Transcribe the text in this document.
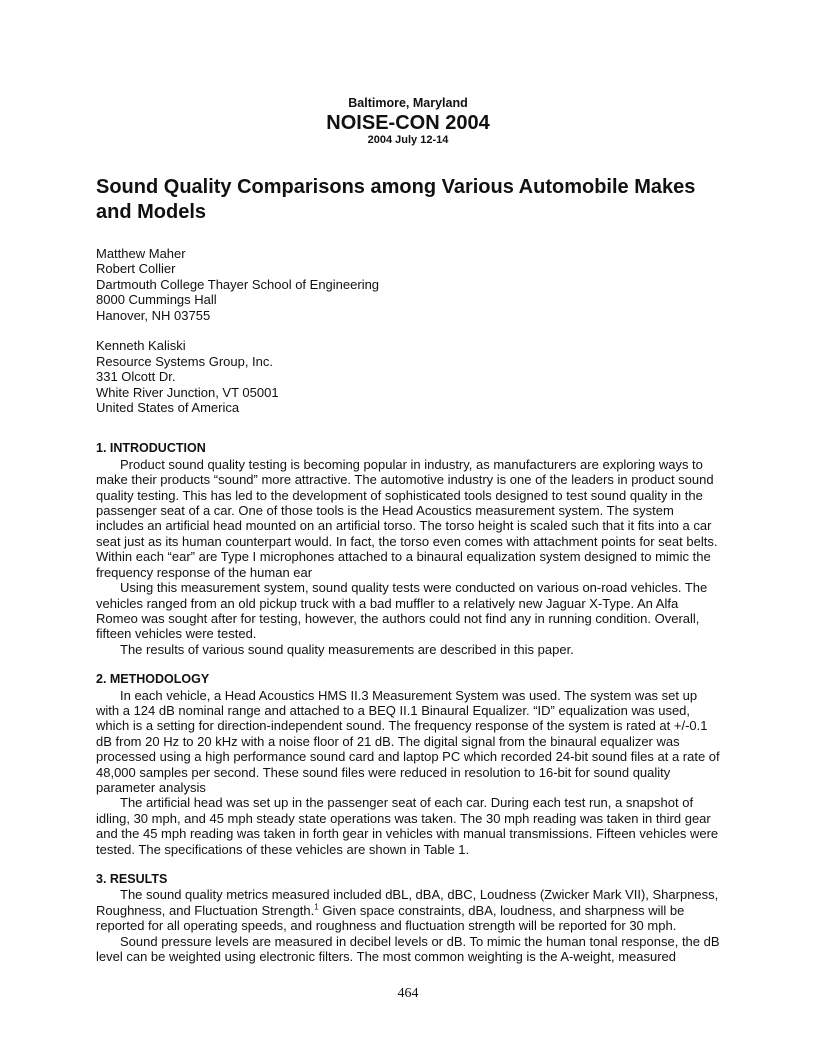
Baltimore, Maryland
NOISE-CON 2004
2004 July 12-14
Sound Quality Comparisons among Various Automobile Makes and Models
Matthew Maher
Robert Collier
Dartmouth College Thayer School of Engineering
8000 Cummings Hall
Hanover, NH 03755
Kenneth Kaliski
Resource Systems Group, Inc.
331 Olcott Dr.
White River Junction, VT 05001
United States of America
1. INTRODUCTION

Product sound quality testing is becoming popular in industry, as manufacturers are exploring ways to make their products “sound” more attractive. The automotive industry is one of the leaders in product sound quality testing. This has led to the development of sophisticated tools designed to test sound quality in the passenger seat of a car. One of those tools is the Head Acoustics measurement system. The system includes an artificial head mounted on an artificial torso. The torso height is scaled such that it fits into a car seat just as its human counterpart would. In fact, the torso even comes with attachment points for seat belts. Within each “ear” are Type I microphones attached to a binaural equalization system designed to mimic the frequency response of the human ear

Using this measurement system, sound quality tests were conducted on various on-road vehicles. The vehicles ranged from an old pickup truck with a bad muffler to a relatively new Jaguar X-Type. An Alfa Romeo was sought after for testing, however, the authors could not find any in running condition. Overall, fifteen vehicles were tested.

The results of various sound quality measurements are described in this paper.

2. METHODOLOGY

In each vehicle, a Head Acoustics HMS II.3 Measurement System was used. The system was set up with a 124 dB nominal range and attached to a BEQ II.1 Binaural Equalizer. “ID” equalization was used, which is a setting for direction-independent sound. The frequency response of the system is rated at +/-0.1 dB from 20 Hz to 20 kHz with a noise floor of 21 dB. The digital signal from the binaural equalizer was processed using a high performance sound card and laptop PC which recorded 24-bit sound files at a rate of 48,000 samples per second. These sound files were reduced in resolution to 16-bit for sound quality parameter analysis

The artificial head was set up in the passenger seat of each car. During each test run, a snapshot of idling, 30 mph, and 45 mph steady state operations was taken. The 30 mph reading was taken in third gear and the 45 mph reading was taken in forth gear in vehicles with manual transmissions. Fifteen vehicles were tested. The specifications of these vehicles are shown in Table 1.

3. RESULTS

The sound quality metrics measured included dBL, dBA, dBC, Loudness (Zwicker Mark VII), Sharpness, Roughness, and Fluctuation Strength.$^1$ Given space constraints, dBA, loudness, and sharpness will be reported for all operating speeds, and roughness and fluctuation strength will be reported for 30 mph.

Sound pressure levels are measured in decibel levels or dB. To mimic the human tonal response, the dB level can be weighted using electronic filters. The most common weighting is the A-weight, measured

464
